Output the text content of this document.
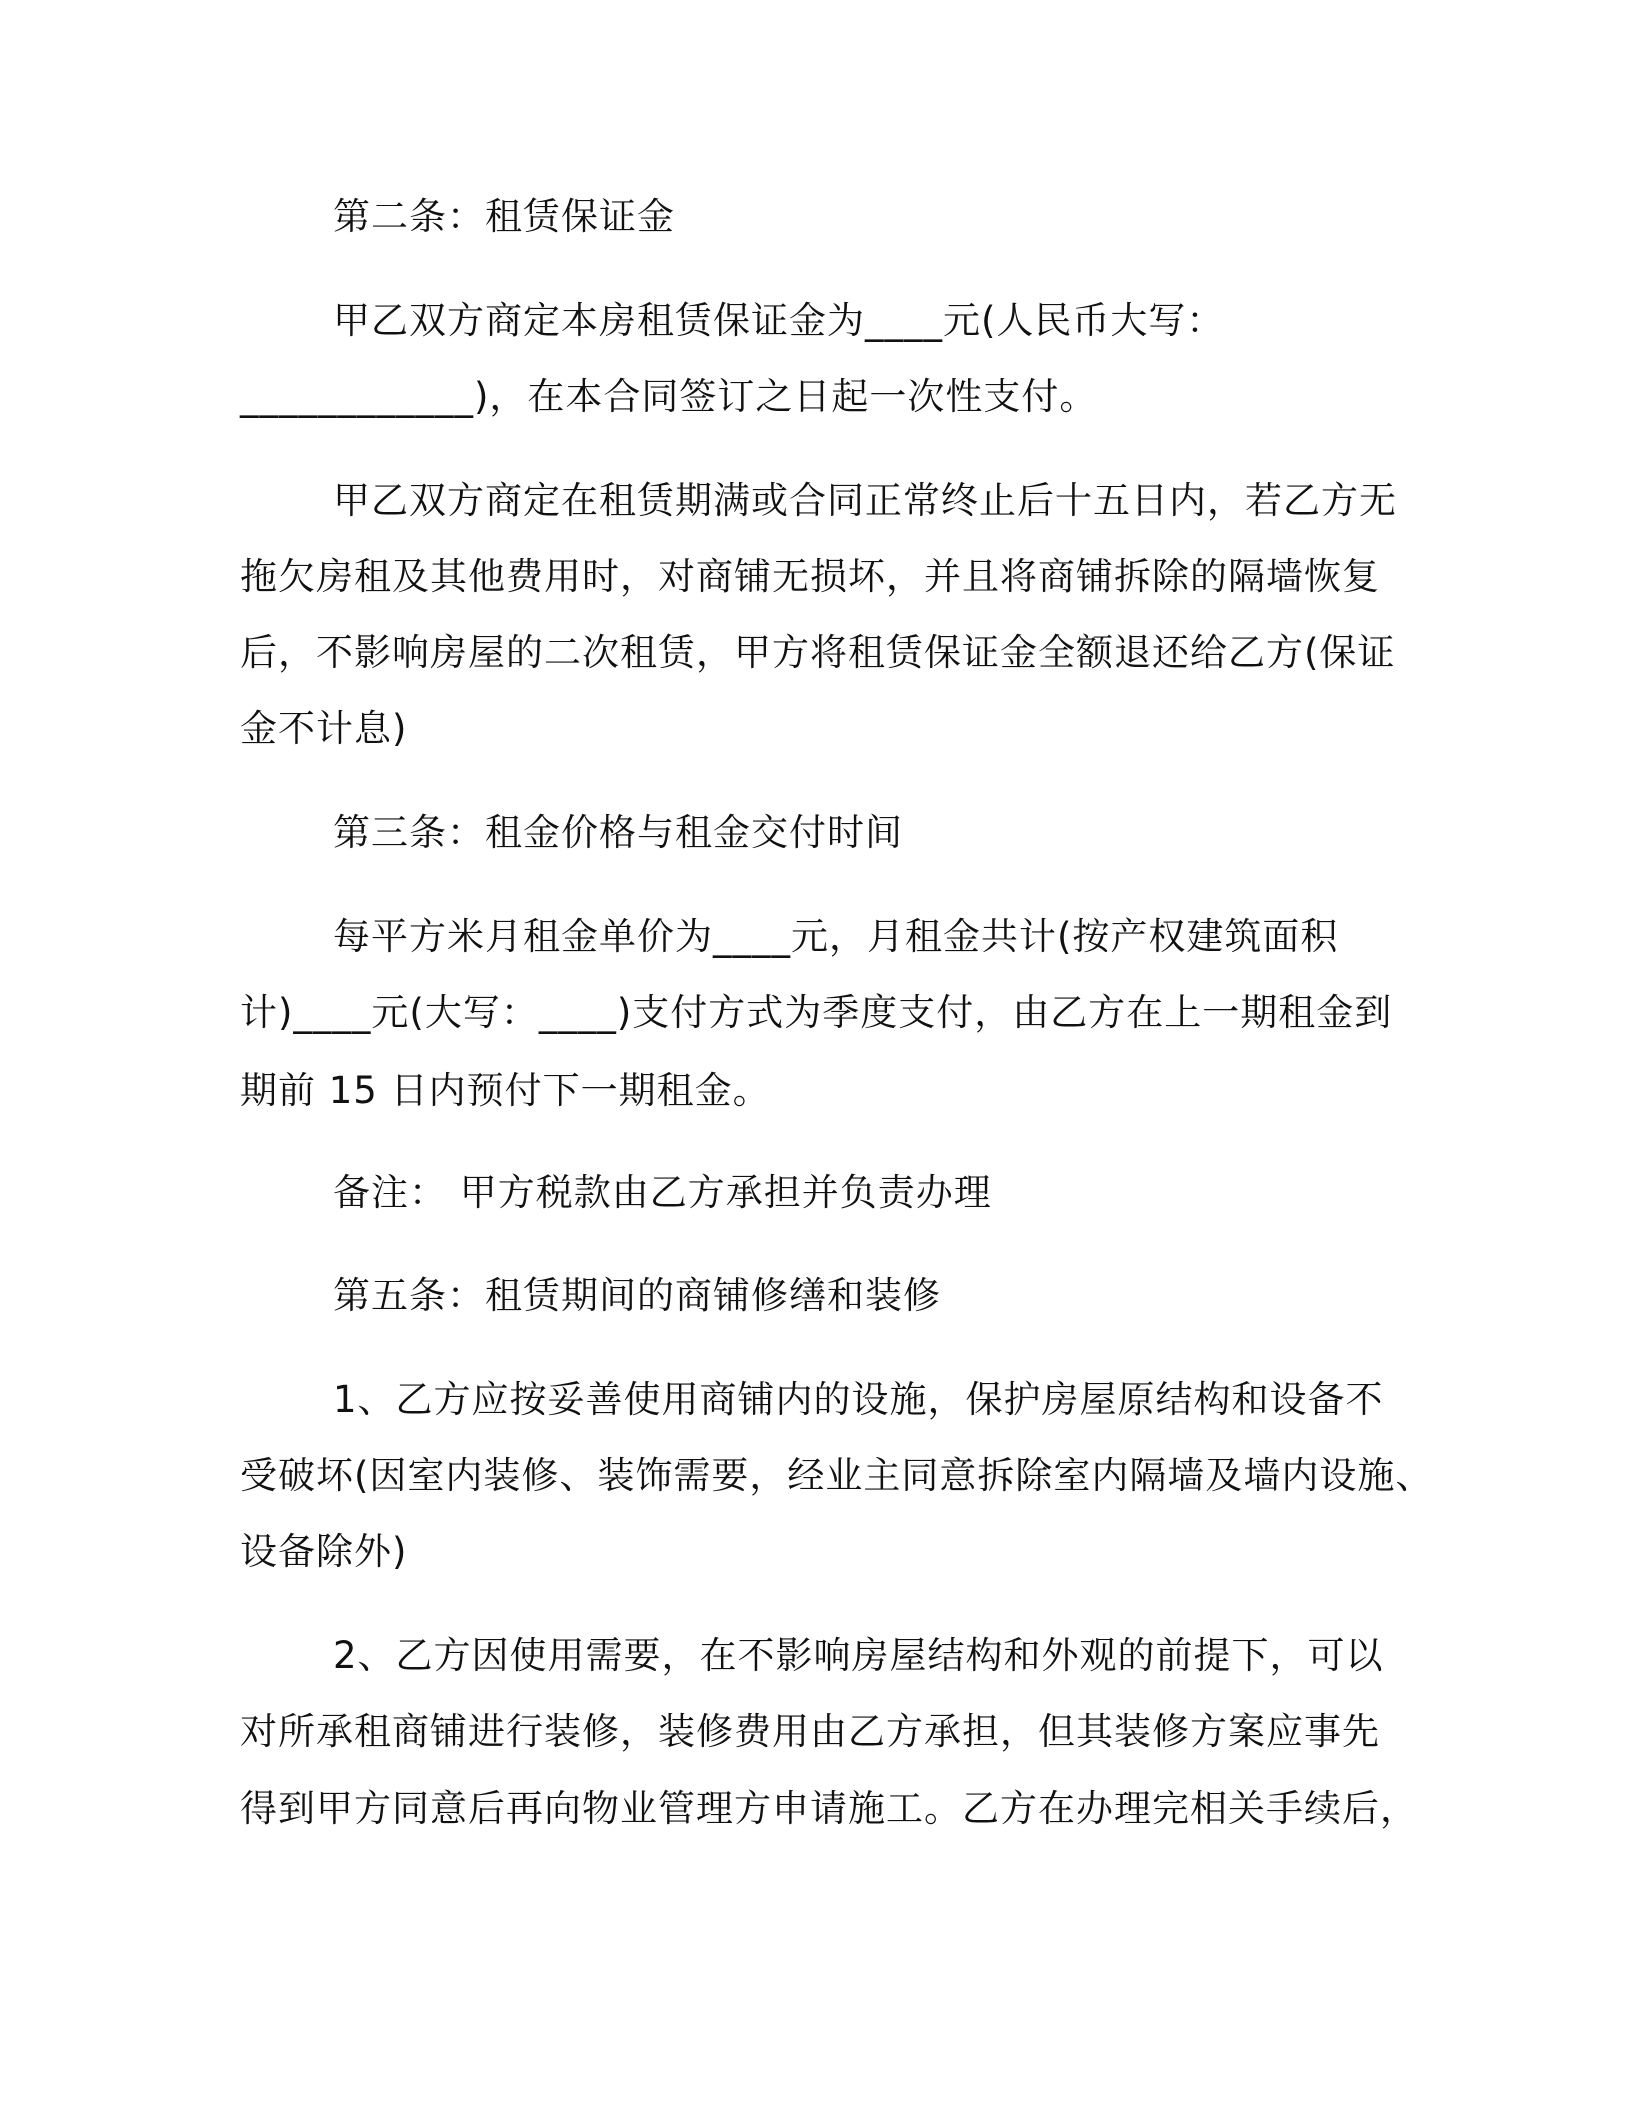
第二条：租赁保证金
甲乙双方商定本房租赁保证金为____元(人民币大写：
____________)，在本合同签订之日起一次性支付。
甲乙双方商定在租赁期满或合同正常终止后十五日内，若乙方无
拖欠房租及其他费用时，对商铺无损坏，并且将商铺拆除的隔墙恢复
后，不影响房屋的二次租赁，甲方将租赁保证金全额退还给乙方(保证
金不计息)
第三条：租金价格与租金交付时间
每平方米月租金单价为____元，月租金共计(按产权建筑面积
计)____元(大写：____)支付方式为季度支付，由乙方在上一期租金到
期前 15 日内预付下一期租金。
备注： 甲方税款由乙方承担并负责办理
第五条：租赁期间的商铺修缮和装修
1、乙方应按妥善使用商铺内的设施，保护房屋原结构和设备不
受破坏(因室内装修、装饰需要，经业主同意拆除室内隔墙及墙内设施、
设备除外)
2、乙方因使用需要，在不影响房屋结构和外观的前提下，可以
对所承租商铺进行装修，装修费用由乙方承担，但其装修方案应事先
得到甲方同意后再向物业管理方申请施工。乙方在办理完相关手续后，
